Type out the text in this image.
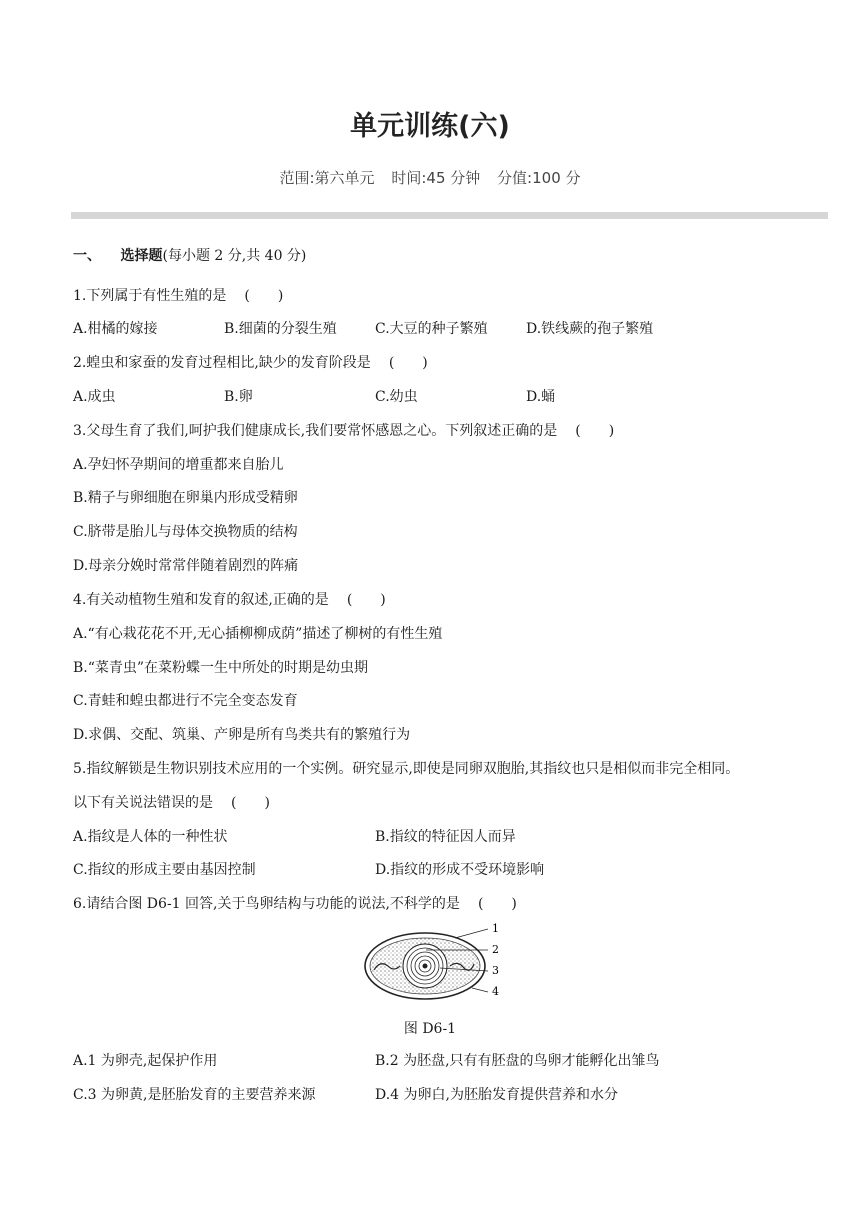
单元训练(六)
范围:第六单元 时间:45 分钟 分值:100 分
一、 选择题(每小题 2 分,共 40 分)
1.下列属于有性生殖的是 (　　)
A.柑橘的嫁接	B.细菌的分裂生殖	C.大豆的种子繁殖	D.铁线蕨的孢子繁殖
2.蝗虫和家蚕的发育过程相比,缺少的发育阶段是 (　　)
A.成虫	B.卵	C.幼虫	D.蛹
3.父母生育了我们,呵护我们健康成长,我们要常怀感恩之心。下列叙述正确的是 (　　)
A.孕妇怀孕期间的增重都来自胎儿
B.精子与卵细胞在卵巢内形成受精卵
C.脐带是胎儿与母体交换物质的结构
D.母亲分娩时常常伴随着剧烈的阵痛
4.有关动植物生殖和发育的叙述,正确的是 (　　)
A.“有心栽花花不开,无心插柳柳成荫”描述了柳树的有性生殖
B.“菜青虫”在菜粉蝶一生中所处的时期是幼虫期
C.青蛙和蝗虫都进行不完全变态发育
D.求偶、交配、筑巢、产卵是所有鸟类共有的繁殖行为
5.指纹解锁是生物识别技术应用的一个实例。研究显示,即使是同卵双胞胎,其指纹也只是相似而非完全相同。
以下有关说法错误的是 (　　)
A.指纹是人体的一种性状	B.指纹的特征因人而异
C.指纹的形成主要由基因控制	D.指纹的形成不受环境影响
6.请结合图 D6-1 回答,关于鸟卵结构与功能的说法,不科学的是 (　　)
1
2
3
4
图 D6-1
A.1 为卵壳,起保护作用	B.2 为胚盘,只有有胚盘的鸟卵才能孵化出雏鸟
C.3 为卵黄,是胚胎发育的主要营养来源	D.4 为卵白,为胚胎发育提供营养和水分
